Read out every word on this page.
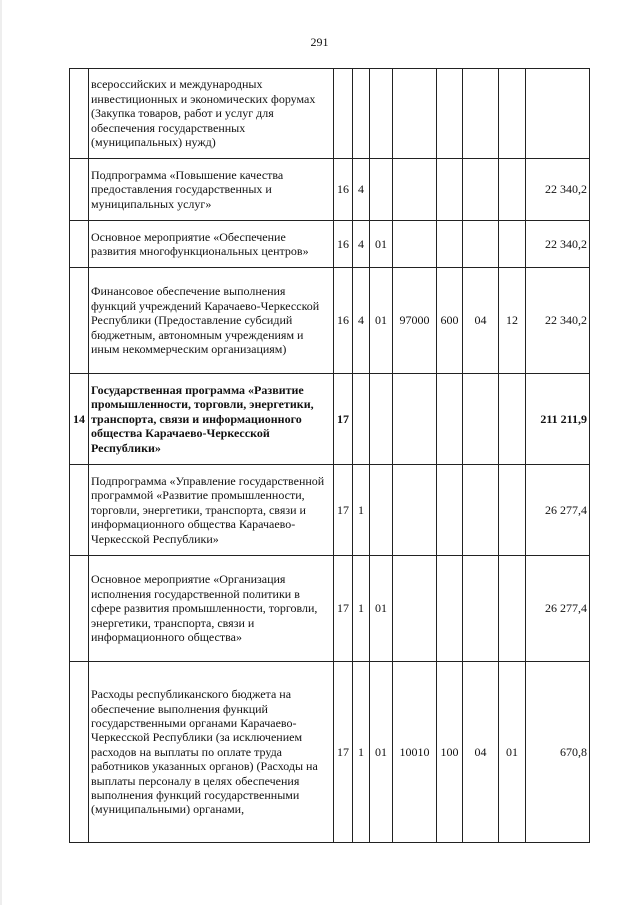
291
	всероссийских и международных инвестиционных и экономических форумах (Закупка товаров, работ и услуг для обеспечения государственных (муниципальных) нужд)								
	Подпрограмма «Повышение качества предоставления государственных и муниципальных услуг»	16	4						22 340,2
	Основное мероприятие «Обеспечение развития многофункциональных центров»	16	4	01					22 340,2
	Финансовое обеспечение выполнения функций учреждений Карачаево-Черкесской Республики (Предоставление субсидий бюджетным, автономным учреждениям и иным некоммерческим организациям)	16	4	01	97000	600	04	12	22 340,2
14	Государственная программа «Развитие промышленности, торговли, энергетики, транспорта, связи и информационного общества Карачаево-Черкесской Республики»	17							211 211,9
	Подпрограмма «Управление государственной программой «Развитие промышленности, торговли, энергетики, транспорта, связи и информационного общества Карачаево-Черкесской Республики»	17	1						26 277,4
	Основное мероприятие «Организация исполнения государственной политики в сфере развития промышленности, торговли, энергетики, транспорта, связи и информационного общества»	17	1	01					26 277,4
	Расходы республиканского бюджета на обеспечение выполнения функций государственными органами Карачаево-Черкесской Республики (за исключением расходов на выплаты по оплате труда работников указанных органов) (Расходы на выплаты персоналу в целях обеспечения выполнения функций государственными (муниципальными) органами,	17	1	01	10010	100	04	01	670,8
